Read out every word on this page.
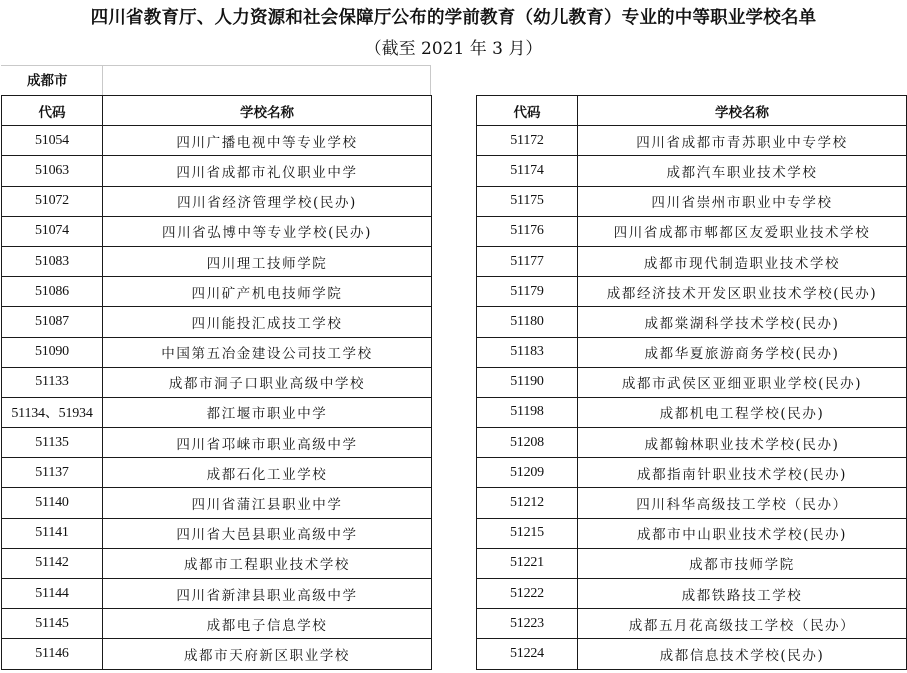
四川省教育厅、人力资源和社会保障厅公布的学前教育（幼儿教育）专业的中等职业学校名单
（截至 2021 年 3 月）
成都市
代码	学校名称
51054	四川广播电视中等专业学校
51063	四川省成都市礼仪职业中学
51072	四川省经济管理学校(民办)
51074	四川省弘博中等专业学校(民办)
51083	四川理工技师学院
51086	四川矿产机电技师学院
51087	四川能投汇成技工学校
51090	中国第五冶金建设公司技工学校
51133	成都市洞子口职业高级中学校
51134、51934	都江堰市职业中学
51135	四川省邛崃市职业高级中学
51137	成都石化工业学校
51140	四川省蒲江县职业中学
51141	四川省大邑县职业高级中学
51142	成都市工程职业技术学校
51144	四川省新津县职业高级中学
51145	成都电子信息学校
51146	成都市天府新区职业学校
代码	学校名称
51172	四川省成都市青苏职业中专学校
51174	成都汽车职业技术学校
51175	四川省崇州市职业中专学校
51176	四川省成都市郫都区友爱职业技术学校
51177	成都市现代制造职业技术学校
51179	成都经济技术开发区职业技术学校(民办)
51180	成都棠湖科学技术学校(民办)
51183	成都华夏旅游商务学校(民办)
51190	成都市武侯区亚细亚职业学校(民办)
51198	成都机电工程学校(民办)
51208	成都翰林职业技术学校(民办)
51209	成都指南针职业技术学校(民办)
51212	四川科华高级技工学校（民办）
51215	成都市中山职业技术学校(民办)
51221	成都市技师学院
51222	成都铁路技工学校
51223	成都五月花高级技工学校（民办）
51224	成都信息技术学校(民办)
